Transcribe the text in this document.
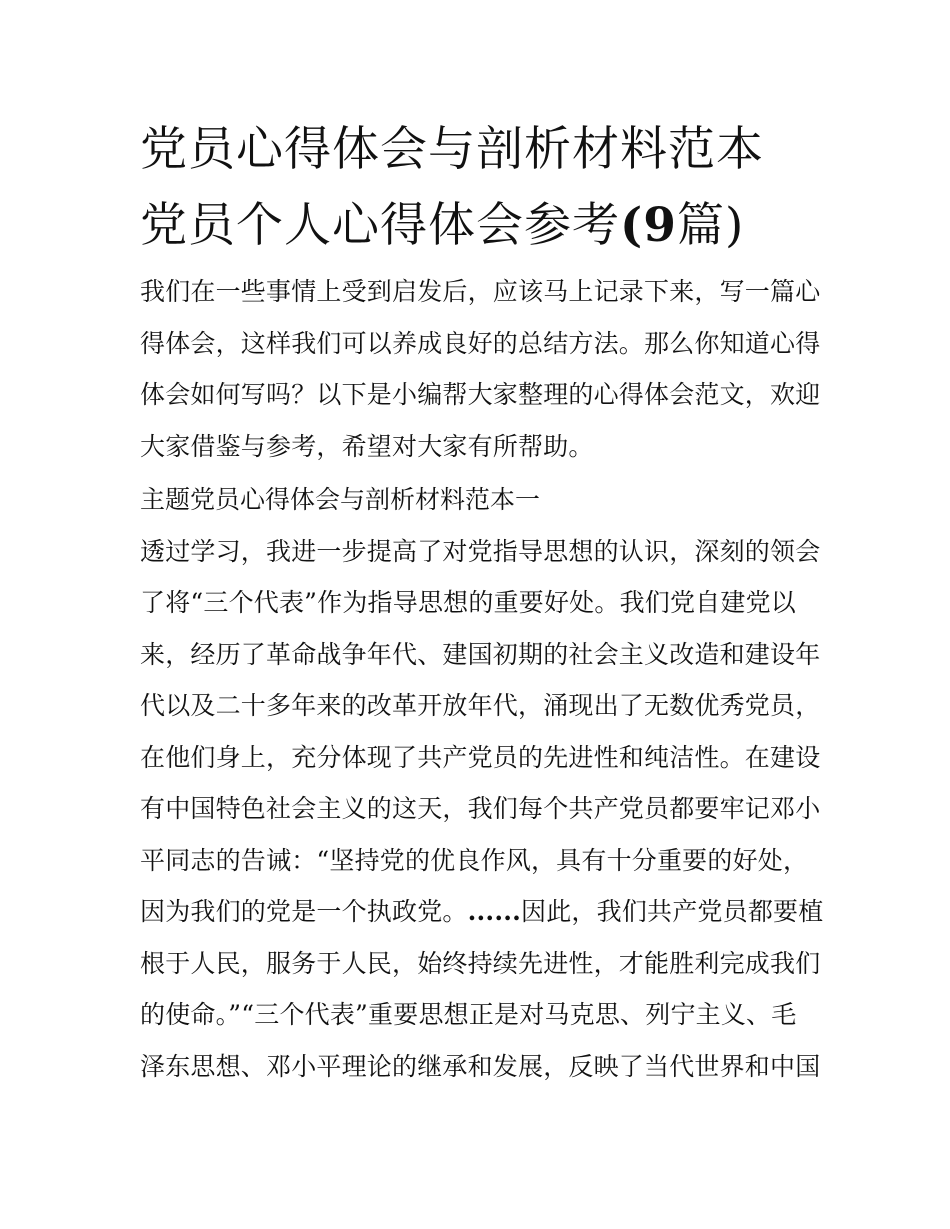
党员心得体会与剖析材料范本
党员个人心得体会参考(9篇)
我们在一些事情上受到启发后，应该马上记录下来，写一篇心
得体会，这样我们可以养成良好的总结方法。那么你知道心得
体会如何写吗？以下是小编帮大家整理的心得体会范文，欢迎
大家借鉴与参考，希望对大家有所帮助。
主题党员心得体会与剖析材料范本一
透过学习，我进一步提高了对党指导思想的认识，深刻的领会
了将“三个代表”作为指导思想的重要好处。我们党自建党以
来，经历了革命战争年代、建国初期的社会主义改造和建设年
代以及二十多年来的改革开放年代，涌现出了无数优秀党员，
在他们身上，充分体现了共产党员的先进性和纯洁性。在建设
有中国特色社会主义的这天，我们每个共产党员都要牢记邓小
平同志的告诫：“坚持党的优良作风，具有十分重要的好处，
因为我们的党是一个执政党。......因此，我们共产党员都要植
根于人民，服务于人民，始终持续先进性，才能胜利完成我们
的使命。”“三个代表”重要思想正是对马克思、列宁主义、毛
泽东思想、邓小平理论的继承和发展，反映了当代世界和中国
